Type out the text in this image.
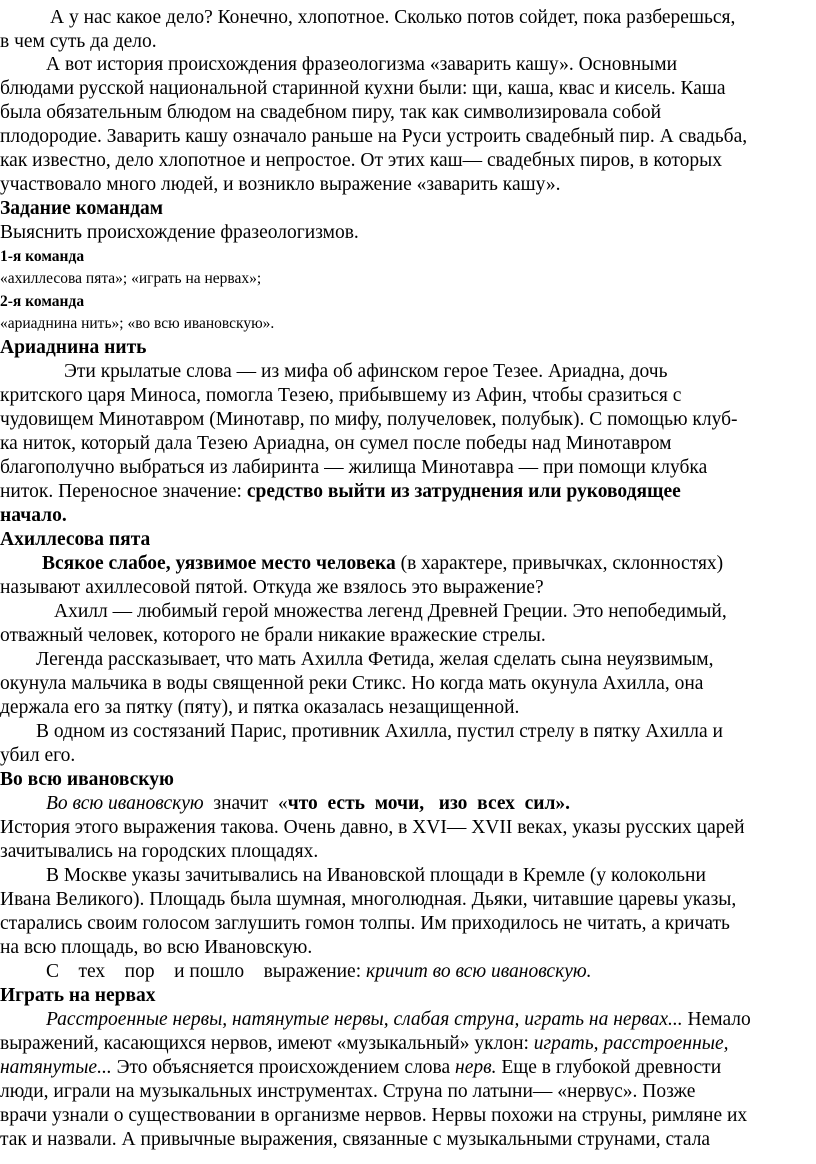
А у нас какое дело? Конечно, хлопотное. Сколько потов сойдет, пока разберешься,
в чем суть да дело.
А вот история происхождения фразеологизма «заварить кашу». Основными
блюдами русской национальной старинной кухни были: щи, каша, квас и кисель. Каша
была обязательным блюдом на свадебном пиру, так как символизировала собой
плодородие. Заварить кашу означало раньше на Руси устроить свадебный пир. А свадьба,
как известно, дело хлопотное и непростое. От этих каш— свадебных пиров, в которых
участвовало много людей, и возникло выражение «заварить кашу».
Задание командам
Выяснить происхождение фразеологизмов.
1-я команда
«ахиллесова пята»; «играть на нервах»;
2-я команда
«ариаднина нить»; «во всю ивановскую».
Ариаднина нить
Эти крылатые слова — из мифа об афинском герое Тезее. Ариадна, дочь
критского царя Миноса, помогла Тезею, прибывшему из Афин, чтобы сразиться с
чудовищем Минотавром (Минотавр, по мифу, получеловек, полубык). С помощью клуб-
ка ниток, который дала Тезею Ариадна, он сумел после победы над Минотавром
благополучно выбраться из лабиринта — жилища Минотавра — при помощи клубка
ниток. Переносное значение: средство выйти из затруднения или руководящее
начало.
Ахиллесова пята
Всякое слабое, уязвимое место человека (в характере, привычках, склонностях)
называют ахиллесовой пятой. Откуда же взялось это выражение?
Ахилл — любимый герой множества легенд Древней Греции. Это непобедимый,
отважный человек, которого не брали никакие вражеские стрелы.
Легенда рассказывает, что мать Ахилла Фетида, желая сделать сына неуязвимым,
окунула мальчика в воды священной реки Стикс. Но когда мать окунула Ахилла, она
держала его за пятку (пяту), и пятка оказалась незащищенной.
В одном из состязаний Парис, противник Ахилла, пустил стрелу в пятку Ахилла и
убил его.
Во всю ивановскую
Во всю ивановскую  значит  «что  есть  мочи,   изо  всех  сил».
История этого выражения такова. Очень давно, в XVI— XVII веках, указы русских царей
зачитывались на городских площадях.
В Москве указы зачитывались на Ивановской площади в Кремле (у колокольни
Ивана Великого). Площадь была шумная, многолюдная. Дьяки, читавшие царевы указы,
старались своим голосом заглушить гомон толпы. Им приходилось не читать, а кричать
на всю площадь, во всю Ивановскую.
С    тех    пор    и пошло    выражение: кричит во всю ивановскую.
Играть на нервах
Расстроенные нервы, натянутые нервы, слабая струна, играть на нервах... Немало
выражений, касающихся нервов, имеют «музыкальный» уклон: играть, расстроенные,
натянутые... Это объясняется происхождением слова нерв. Еще в глубокой древности
люди, играли на музыкальных инструментах. Струна по латыни— «нервус». Позже
врачи узнали о существовании в организме нервов. Нервы похожи на струны, римляне их
так и назвали. А привычные выражения, связанные с музыкальными струнами, стала
